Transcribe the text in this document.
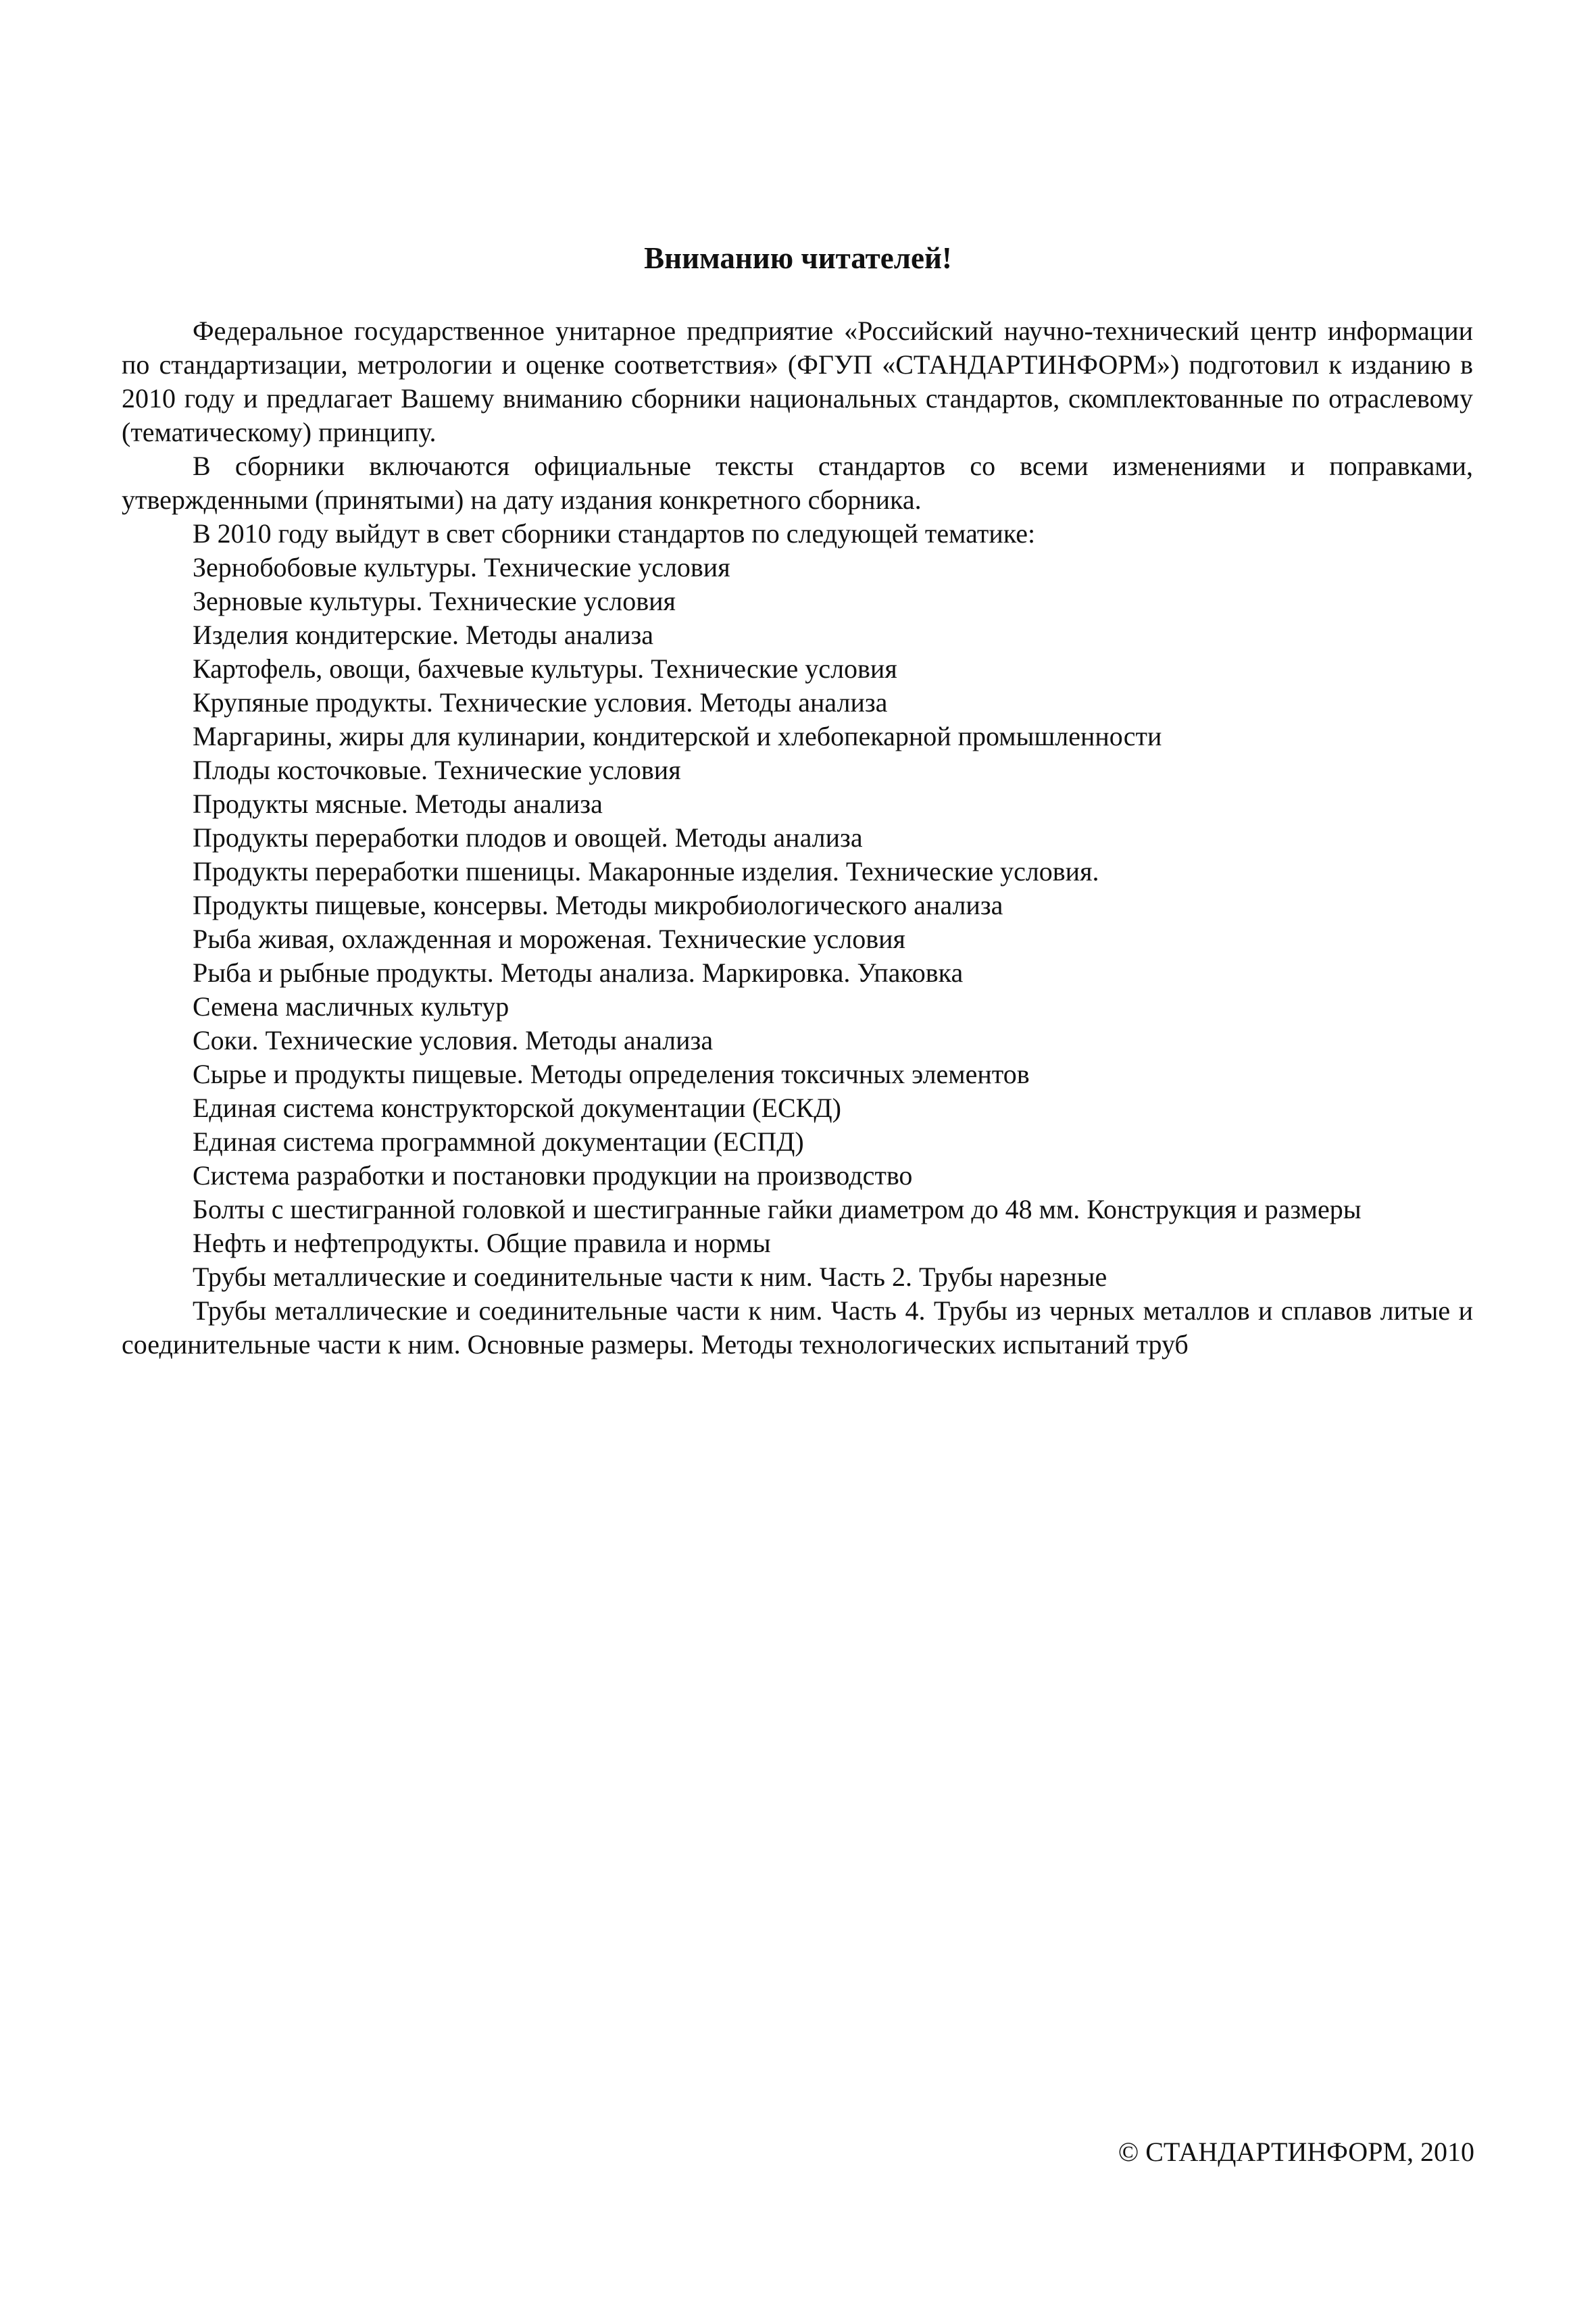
Вниманию читателей!

Федеральное государственное унитарное предприятие «Российский научно-технический центр информации по стандартизации, метрологии и оценке соответствия» (ФГУП «СТАНДАРТИНФОРМ») подготовил к изданию в 2010 году и предлагает Вашему вниманию сборники национальных стандартов, скомплектованные по отраслевому (тематическому) принципу.

В сборники включаются официальные тексты стандартов со всеми изменениями и поправками, утвержденными (принятыми) на дату издания конкретного сборника.

В 2010 году выйдут в свет сборники стандартов по следующей тематике:

Зернобобовые культуры. Технические условия
Зерновые культуры. Технические условия
Изделия кондитерские. Методы анализа
Картофель, овощи, бахчевые культуры. Технические условия
Крупяные продукты. Технические условия. Методы анализа
Маргарины, жиры для кулинарии, кондитерской и хлебопекарной промышленности
Плоды косточковые. Технические условия
Продукты мясные. Методы анализа
Продукты переработки плодов и овощей. Методы анализа
Продукты переработки пшеницы. Макаронные изделия. Технические условия.
Продукты пищевые, консервы. Методы микробиологического анализа
Рыба живая, охлажденная и мороженая. Технические условия
Рыба и рыбные продукты. Методы анализа. Маркировка. Упаковка
Семена масличных культур
Соки. Технические условия. Методы анализа
Сырье и продукты пищевые. Методы определения токсичных элементов
Единая система конструкторской документации (ЕСКД)
Единая система программной документации (ЕСПД)
Система разработки и постановки продукции на производство
Болты с шестигранной головкой и шестигранные гайки диаметром до 48 мм. Конструкция и размеры
Нефть и нефтепродукты. Общие правила и нормы
Трубы металлические и соединительные части к ним. Часть 2. Трубы нарезные
Трубы металлические и соединительные части к ним. Часть 4. Трубы из черных металлов и сплавов литые и соединительные части к ним. Основные размеры. Методы технологических испытаний труб

© СТАНДАРТИНФОРМ, 2010
